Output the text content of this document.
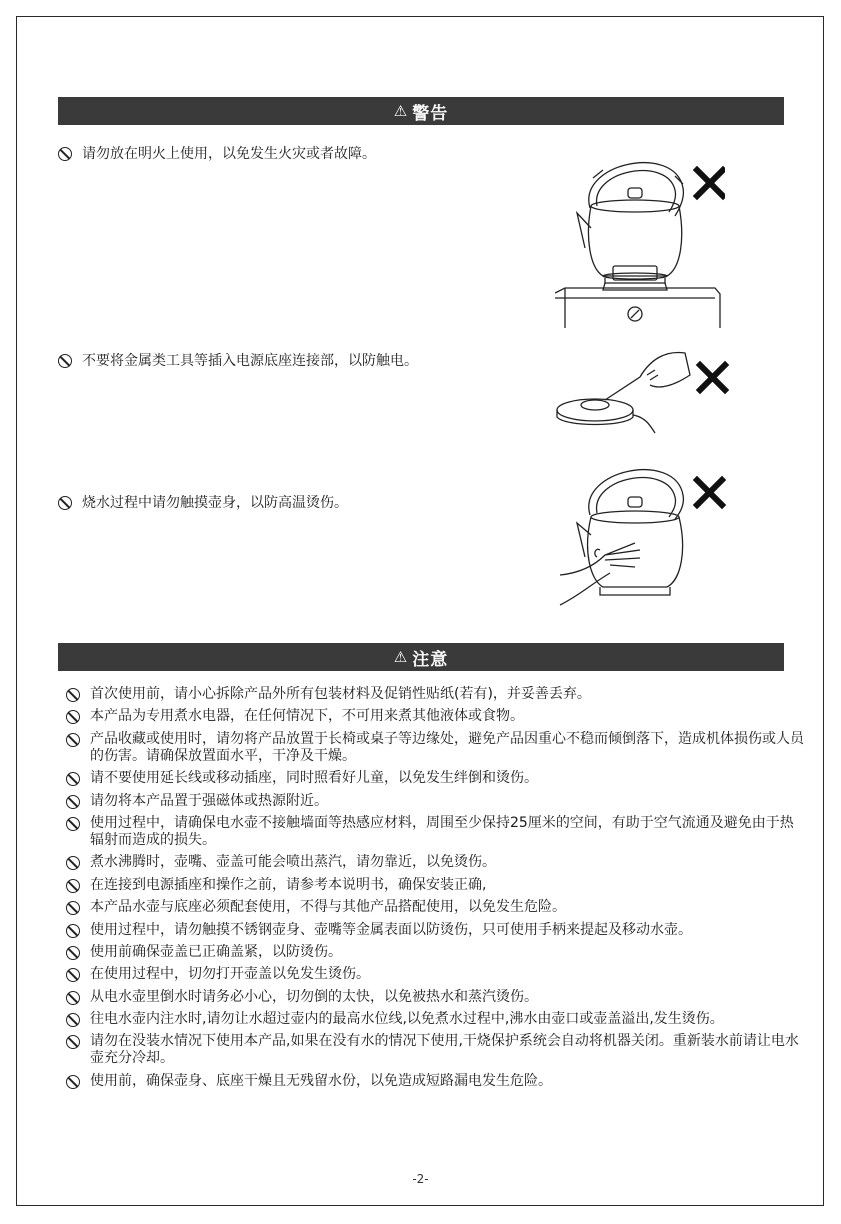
⚠ 警告
请勿放在明火上使用，以免发生火灾或者故障。
不要将金属类工具等插入电源底座连接部，以防触电。
烧水过程中请勿触摸壶身，以防高温烫伤。
⚠ 注意
首次使用前，请小心拆除产品外所有包装材料及促销性贴纸(若有)，并妥善丢弃。
本产品为专用煮水电器，在任何情况下，不可用来煮其他液体或食物。
产品收藏或使用时，请勿将产品放置于长椅或桌子等边缘处，避免产品因重心不稳而倾倒落下，造成机体损伤或人员的伤害。请确保放置面水平，干净及干燥。
请不要使用延长线或移动插座，同时照看好儿童，以免发生绊倒和烫伤。
请勿将本产品置于强磁体或热源附近。
使用过程中，请确保电水壶不接触墙面等热感应材料，周围至少保持25厘米的空间，有助于空气流通及避免由于热辐射而造成的损失。
煮水沸腾时，壶嘴、壶盖可能会喷出蒸汽，请勿靠近，以免烫伤。
在连接到电源插座和操作之前，请参考本说明书，确保安装正确,
本产品水壶与底座必须配套使用，不得与其他产品搭配使用，以免发生危险。
使用过程中，请勿触摸不锈钢壶身、壶嘴等金属表面以防烫伤，只可使用手柄来提起及移动水壶。
使用前确保壶盖已正确盖紧，以防烫伤。
在使用过程中，切勿打开壶盖以免发生烫伤。
从电水壶里倒水时请务必小心，切勿倒的太快，以免被热水和蒸汽烫伤。
往电水壶内注水时,请勿让水超过壶内的最高水位线,以免煮水过程中,沸水由壶口或壶盖溢出,发生烫伤。
请勿在没装水情况下使用本产品,如果在没有水的情况下使用,干烧保护系统会自动将机器关闭。重新装水前请让电水壶充分冷却。
使用前，确保壶身、底座干燥且无残留水份，以免造成短路漏电发生危险。
-2-
